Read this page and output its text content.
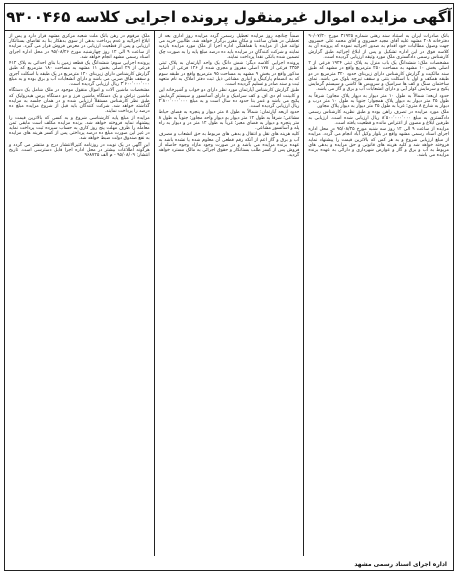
آگهی مزایده اموال غیرمنقول پرونده اجرایی کلاسه ۹۳۰۰۴۶۵

بانک صادرات ایران به استناد سند رهنی شماره ۳۱۹۲۵ مورخ ۹۰/۰۷/۳۰ دفترخانه ۲۰۸ مشهد علیه آقای مجید خسروی و آقای محمد علی خسروی جهت وصول مطالبات خود اقدام به صدور اجرائیه نموده که پرونده آن به کلاسه فوق در این اداره تشکیل و پس از ابلاغ اجرائیه طبق گزارش کارشناس رسمی دادگستری ملک مورد وثیقه ارزیابی گردیده است.

مشخصات ملک: ششدانگ یک باب منزل به پلاک ثبتی ۱۹۲۴ فرعی از ۲ اصلی بخش ۱۰ مشهد به مساحت ۲۵۰ مترمربع واقع در مشهد که طبق سند مالکیت و گزارش کارشناس دارای زیربنای حدود ۳۲۰ مترمربع در دو طبقه همکف و اول با اسکلت بتنی و سقف تیرچه بلوک می باشد. نمای ساختمان سنگ و کف ها سرامیک و سرویس ها کاشی و سیستم گرمایش پکیج و سرمایش کولر آبی و دارای انشعابات آب و برق و گاز می باشد.

حدود اربعه: شمالاً به طول ۱۰ متر دیوار به دیوار پلاک مجاور؛ شرقاً به طول ۲۵ متر دیوار به دیوار پلاک همجوار؛ جنوباً به طول ۱۰ متر درب و دیوار به شارع ۸ متری؛ غرباً به طول ۲۵ متر دیوار به دیوار پلاک مجاور.

ملک مورد مزایده در تصرف راهن بوده و طبق نظریه کارشناس رسمی دادگستری به مبلغ ۸٬۵۰۰٬۰۰۰٬۰۰۰ ریال ارزیابی شده است. ارزیابی به طرفین ابلاغ و مصون از اعتراض مانده و قطعیت یافته است.

مزایده از ساعت ۹ الی ۱۲ روز سه شنبه مورخ ۹۵/۰۸/۲۵ در محل اداره اجرای اسناد رسمی مشهد واقع در بلوار وکیل آباد انجام می گردد. مزایده از مبلغ ارزیابی شروع و به هر کس که بالاترین قیمت را پیشنهاد نماید فروخته خواهد شد و کلیه هزینه های قانونی و حق مزایده و بدهی های مربوط به آب و برق و گاز و عوارض شهرداری و دارائی به عهده برنده مزایده می باشد.

ضمناً چنانچه روز مزایده تعطیل رسمی گردد مزایده روز اداری بعد از تعطیلی در همان ساعت و مکان مقرر برگزار خواهد شد. طالبین خرید می توانند قبل از مزایده با هماهنگی اداره اجرا از ملک مورد مزایده بازدید نمایند و شرکت کنندگان در مزایده باید ده درصد مبلغ پایه را به صورت چک تضمین شده بانکی نقداً پرداخت نمایند.

پرونده اجرایی کلاسه دیگر: شش دانگ یک واحد آپارتمان به پلاک ثبتی ۲۳۵۴ فرعی از ۱۷۸ اصلی مفروز و مجزی شده از ۱۲۶ فرعی از اصلی مذکور واقع در بخش ۹ مشهد به مساحت ۹۵ مترمربع واقع در طبقه سوم که به انضمام پارکینگ و انباری مشاعی ذیل ثبت دفتر املاک به نام متعهد ثبت و سند صادر و تسلیم گردیده است.

طبق گزارش کارشناس آپارتمان مورد نظر دارای دو خواب و آشپزخانه اپن و کابینت ام دی اف و کف سرامیک و دارای آسانسور و سیستم گرمایش پکیج می باشد و عمر بنا حدود ده سال است و به مبلغ ۲٬۸۰۰٬۰۰۰٬۰۰۰ ریال ارزیابی گردیده است.

حدود اربعه آپارتمان: شمالاً به طول ۸ متر دیوار و پنجره به فضای حیاط مشاعی؛ شرقاً به طول ۱۲ متر دیوار به دیوار واحد مجاور؛ جنوباً به طول ۸ متر پنجره و دیوار به فضای معبر؛ غرباً به طول ۱۲ متر در و دیوار به راه پله و آسانسور مشاعی.

کلیه هزینه های نقل و انتقال و بدهی های مربوط به حق انشعاب و مصرف آب و برق و گاز اعم از آنکه رقم قطعی آن معلوم شده یا نشده باشد به عهده برنده مزایده می باشد و در صورت وجود مازاد وجوه حاصله از فروش پس از کسر طلب بستانکار و حقوق اجرائی به مالک مسترد خواهد گردید.

ملک مرقوم در رهن بانک ملت شعبه مرکزی مشهد قرار دارد و پس از ابلاغ اجرائیه و عدم پرداخت بدهی از سوی بدهکار بنا به تقاضای بستانکار ارزیابی و پس از قطعیت ارزیابی در معرض فروش قرار می گیرد. مزایده از ساعت ۹ الی ۱۲ روز چهارشنبه مورخ ۹۵/۰۸/۲۶ در محل اداره اجرای اسناد رسمی مشهد انجام خواهد شد.

پرونده اجرایی سوم: ششدانگ یک قطعه زمین با بنای احداثی به پلاک ۴۱۲ فرعی از ۲۹ اصلی بخش ۱۱ مشهد به مساحت ۱۸۰ مترمربع که طبق گزارش کارشناس دارای زیربنای ۱۲۰ مترمربع در یک طبقه با اسکلت آجری و سقف طاق ضربی می باشد و دارای انشعابات آب و برق بوده و به مبلغ ۳٬۶۰۰٬۰۰۰٬۰۰۰ ریال ارزیابی گردیده است.

مشخصات ماشین آلات و اموال منقول موجود در ملک شامل یک دستگاه ماشین تراش و یک دستگاه ماشین فرز و دو دستگاه پرس هیدرولیک که طبق نظر کارشناس مستقلاً ارزیابی شده و در همان جلسه به مزایده گذاشته خواهد شد. شرکت کنندگان باید قبل از شروع مزایده مبلغ ده درصد را پرداخت نمایند.

مزایده از مبلغ پایه کارشناسی شروع و به کسی که بالاترین قیمت را پیشنهاد نماید فروخته خواهد شد. برنده مزایده مکلف است مابقی ثمن معامله را ظرف مهلت پنج روز کاری به حساب سپرده ثبت پرداخت نماید در غیر این صورت مبلغ ده درصد پرداختی پس از کسر هزینه های مزایده به نفع صندوق دولت ضبط خواهد شد.

این آگهی در یک نوبت در روزنامه کثیرالانتشار درج و منتشر می گردد و هرگونه اطلاعات بیشتر در محل اداره اجرا قابل دسترسی است. تاریخ انتشار: ۹۵/۰۸/۰۹ - م الف ۹۶۸۷۲۵

اداره اجرای اسناد رسمی مشهد
